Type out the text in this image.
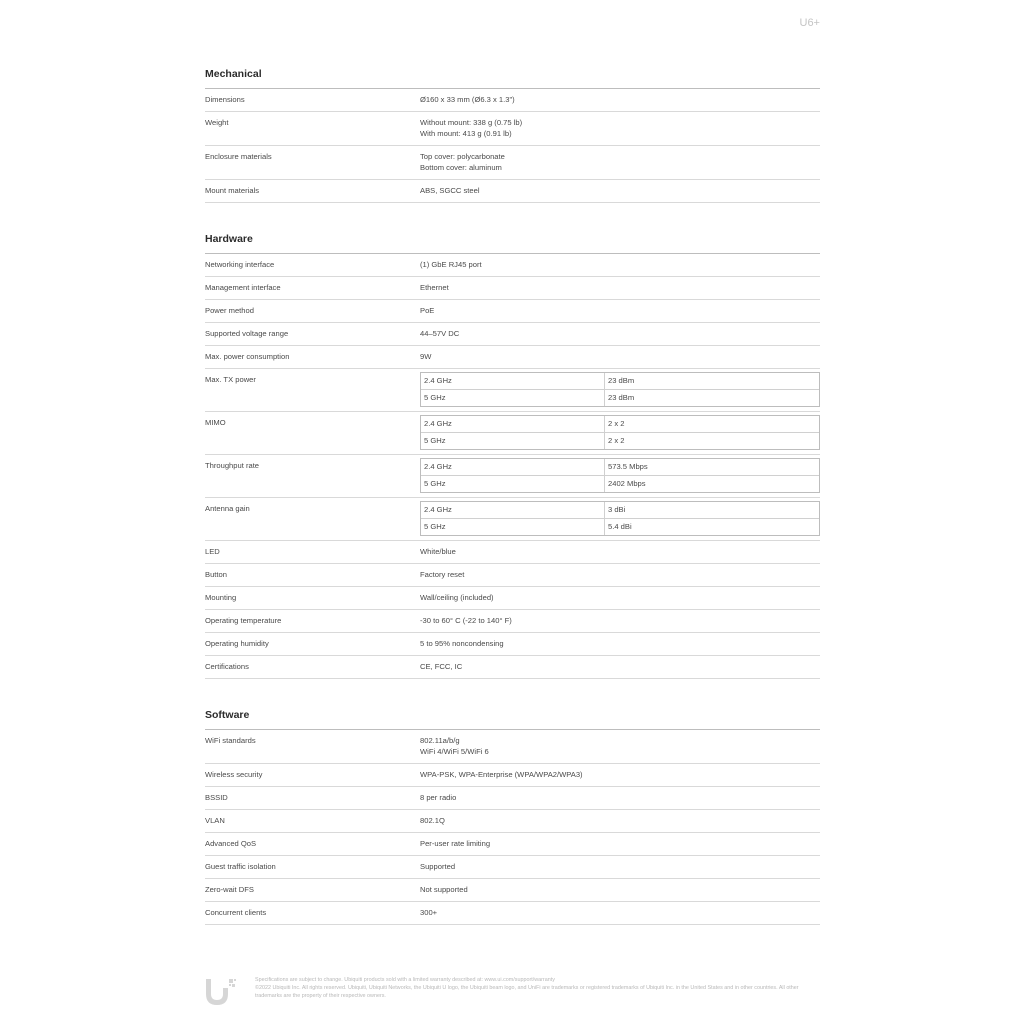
U6+
Mechanical
Dimensions	Ø160 x 33 mm (Ø6.3 x 1.3")
Weight	Without mount: 338 g (0.75 lb)
With mount: 413 g (0.91 lb)
Enclosure materials	Top cover: polycarbonate
Bottom cover: aluminum
Mount materials	ABS, SGCC steel
Hardware
Networking interface	(1) GbE RJ45 port
Management interface	Ethernet
Power method	PoE
Supported voltage range	44–57V DC
Max. power consumption	9W
Max. TX power	2.4 GHz	23 dBm
5 GHz	23 dBm
MIMO	2.4 GHz	2 x 2
5 GHz	2 x 2
Throughput rate	2.4 GHz	573.5 Mbps
5 GHz	2402 Mbps
Antenna gain	2.4 GHz	3 dBi
5 GHz	5.4 dBi
LED	White/blue
Button	Factory reset
Mounting	Wall/ceiling (included)
Operating temperature	-30 to 60° C (-22 to 140° F)
Operating humidity	5 to 95% noncondensing
Certifications	CE, FCC, IC
Software
WiFi standards	802.11a/b/g
WiFi 4/WiFi 5/WiFi 6
Wireless security	WPA-PSK, WPA-Enterprise (WPA/WPA2/WPA3)
BSSID	8 per radio
VLAN	802.1Q
Advanced QoS	Per-user rate limiting
Guest traffic isolation	Supported
Zero-wait DFS	Not supported
Concurrent clients	300+
Specifications are subject to change. Ubiquiti products sold with a limited warranty described at: www.ui.com/support/warranty
©2022 Ubiquiti Inc. All rights reserved. Ubiquiti, Ubiquiti Networks, the Ubiquiti U logo, the Ubiquiti beam logo, and UniFi are trademarks or registered trademarks of Ubiquiti Inc. in the United States and in other countries. All other trademarks are the property of their respective owners.
